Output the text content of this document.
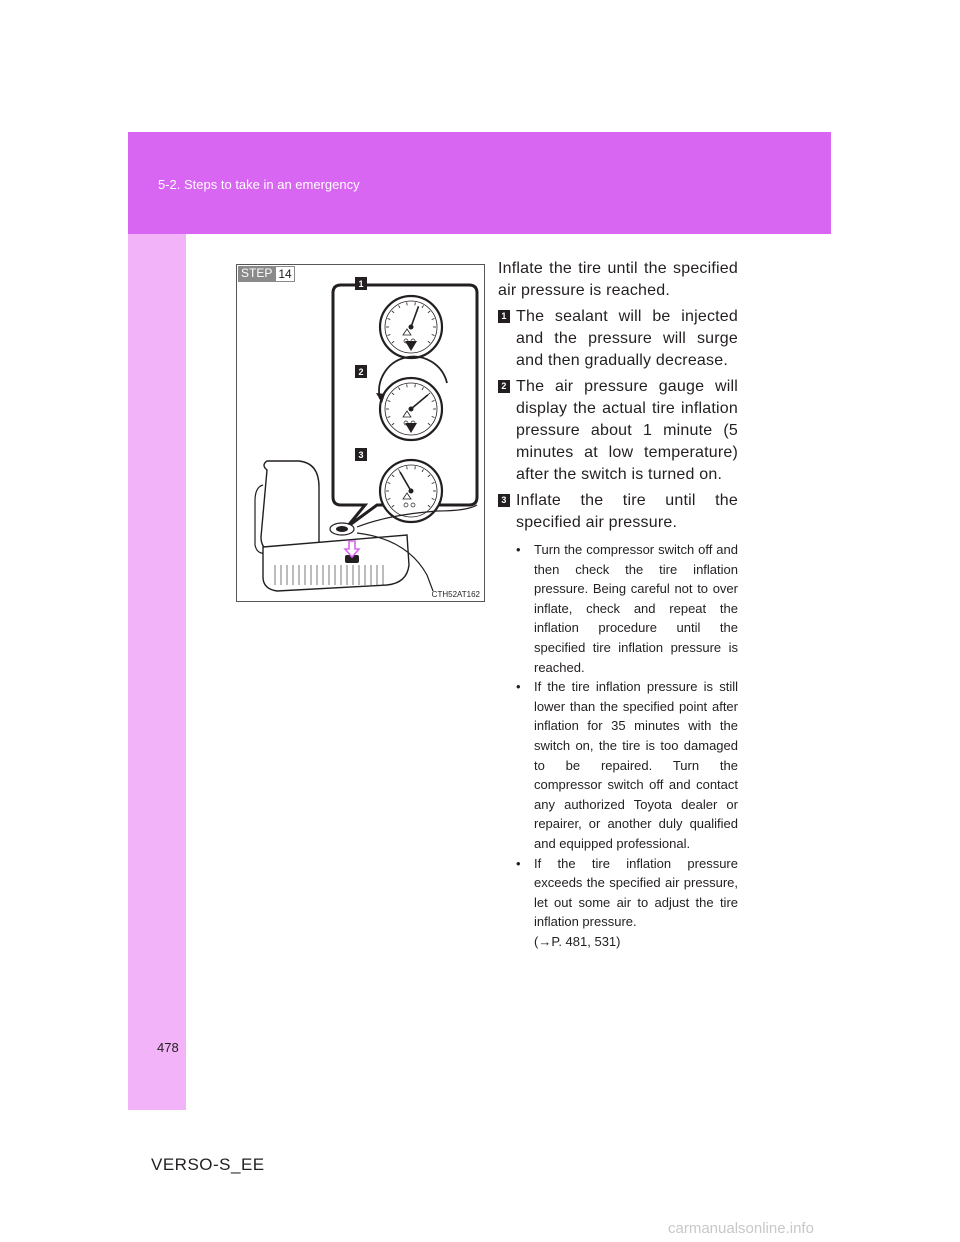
5-2. Steps to take in an emergency
1
2
3
STEP 14
CTH52AT162

Inflate the tire until the specified air pressure is reached.

1 The sealant will be injected and the pressure will surge and then gradually decrease.
2 The air pressure gauge will display the actual tire inflation pressure about 1 minute (5 minutes at low temperature) after the switch is turned on.
3 Inflate the tire until the specified air pressure.
• Turn the compressor switch off and then check the tire inflation pressure. Being careful not to over inflate, check and repeat the inflation procedure until the specified tire inflation pressure is reached.
• If the tire inflation pressure is still lower than the specified point after inflation for 35 minutes with the switch on, the tire is too damaged to be repaired. Turn the compressor switch off and contact any authorized Toyota dealer or repairer, or another duly qualified and equipped professional.
• If the tire inflation pressure exceeds the specified air pressure, let out some air to adjust the tire inflation pressure.
(→P. 481, 531)
478
VERSO-S_EE
carmanualsonline.info
